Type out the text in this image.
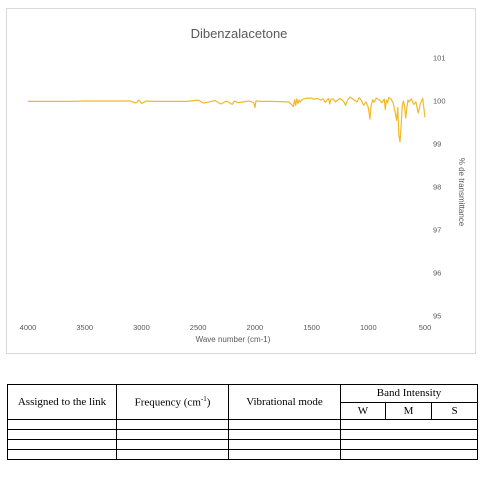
Dibenzalacetone
4000	3500	3000	2500	2000	1500	1000	500
95
96
97
98
99
100
101
Wave number (cm-1)
% de transmittance
Assigned to the link	Frequency $(cm^{-1})$	Vibrational mode	Band Intensity		
			W	M	S
